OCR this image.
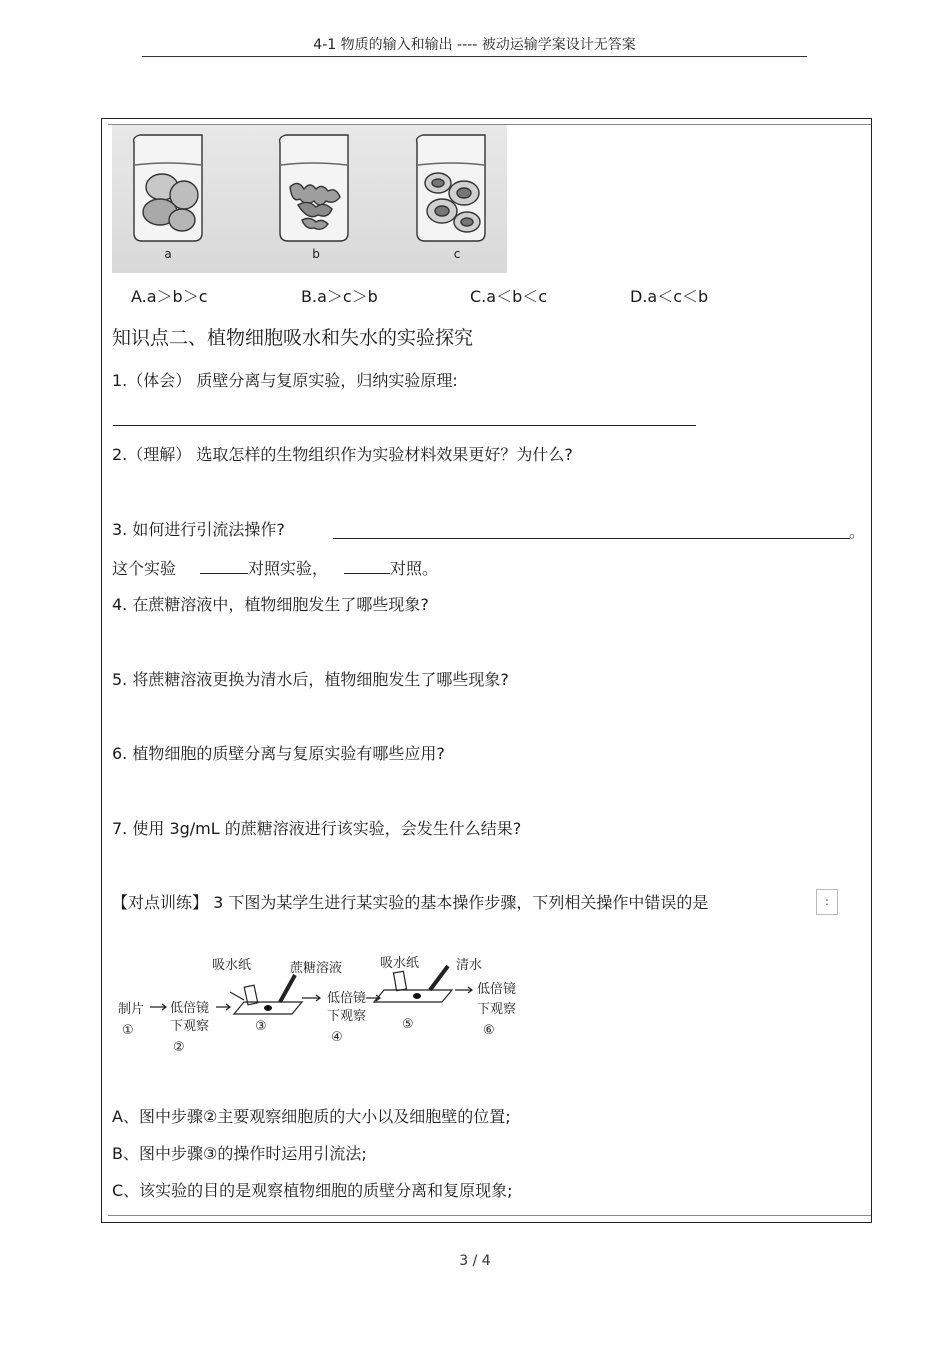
4-1 物质的输入和输出 ---- 被动运输学案设计无答案
a	b	c
A.a＞b＞c	B.a＞c＞b	C.a＜b＜c	D.a＜c＜b
知识点二、植物细胞吸水和失水的实验探究
1.（体会） 质壁分离与复原实验，归纳实验原理:
2.（理解） 选取怎样的生物组织作为实验材料效果更好？为什么?
3. 如何进行引流法操作?	。
这个实验	对照实验，	对照。
4. 在蔗糖溶液中，植物细胞发生了哪些现象?
5. 将蔗糖溶液更换为清水后，植物细胞发生了哪些现象?
6. 植物细胞的质壁分离与复原实验有哪些应用?
7. 使用 3g/mL 的蔗糖溶液进行该实验，会发生什么结果?
【对点训练】 3 下图为某学生进行某实验的基本操作步骤，下列相关操作中错误的是	:
制片
①
低倍镜
下观察
②
吸水纸	蔗糖溶液
③
低倍镜
下观察
④
吸水纸	清水
⑤
低倍镜
下观察
⑥
A、图中步骤②主要观察细胞质的大小以及细胞壁的位置;
B、图中步骤③的操作时运用引流法;
C、该实验的目的是观察植物细胞的质壁分离和复原现象;
3 / 4
